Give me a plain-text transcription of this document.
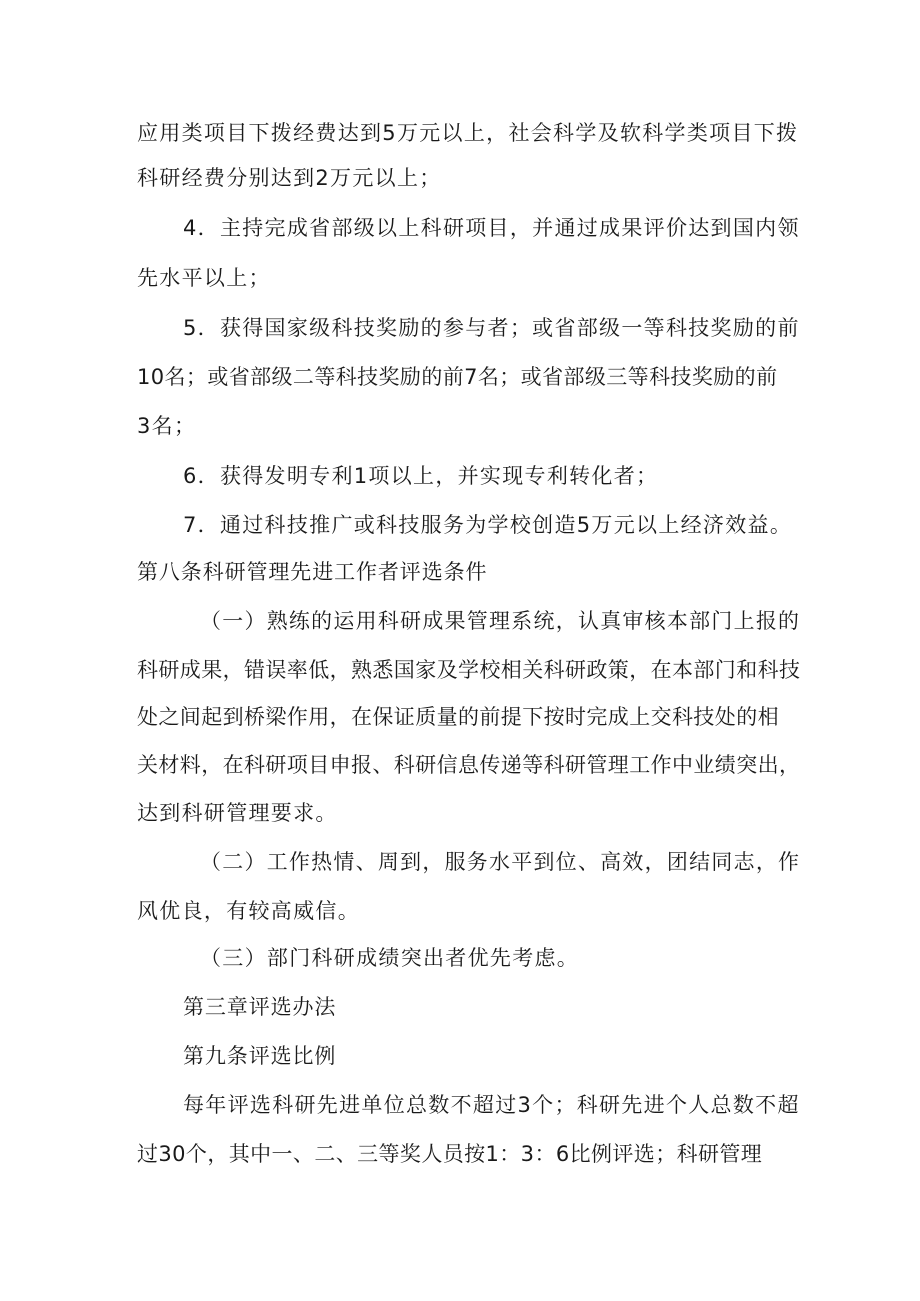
应用类项目下拨经费达到5万元以上，社会科学及软科学类项目下拨

科研经费分别达到2万元以上；

4．主持完成省部级以上科研项目，并通过成果评价达到国内领

先水平以上；

5．获得国家级科技奖励的参与者；或省部级一等科技奖励的前

10名；或省部级二等科技奖励的前7名；或省部级三等科技奖励的前

3名；

6．获得发明专利1项以上，并实现专利转化者；

7．通过科技推广或科技服务为学校创造5万元以上经济效益。

第八条科研管理先进工作者评选条件

（一）熟练的运用科研成果管理系统，认真审核本部门上报的

科研成果，错误率低，熟悉国家及学校相关科研政策，在本部门和科技

处之间起到桥梁作用，在保证质量的前提下按时完成上交科技处的相

关材料，在科研项目申报、科研信息传递等科研管理工作中业绩突出，

达到科研管理要求。

（二）工作热情、周到，服务水平到位、高效，团结同志，作

风优良，有较高威信。

（三）部门科研成绩突出者优先考虑。

第三章评选办法

第九条评选比例

每年评选科研先进单位总数不超过3个；科研先进个人总数不超

过30个，其中一、二、三等奖人员按1：3：6比例评选；科研管理
